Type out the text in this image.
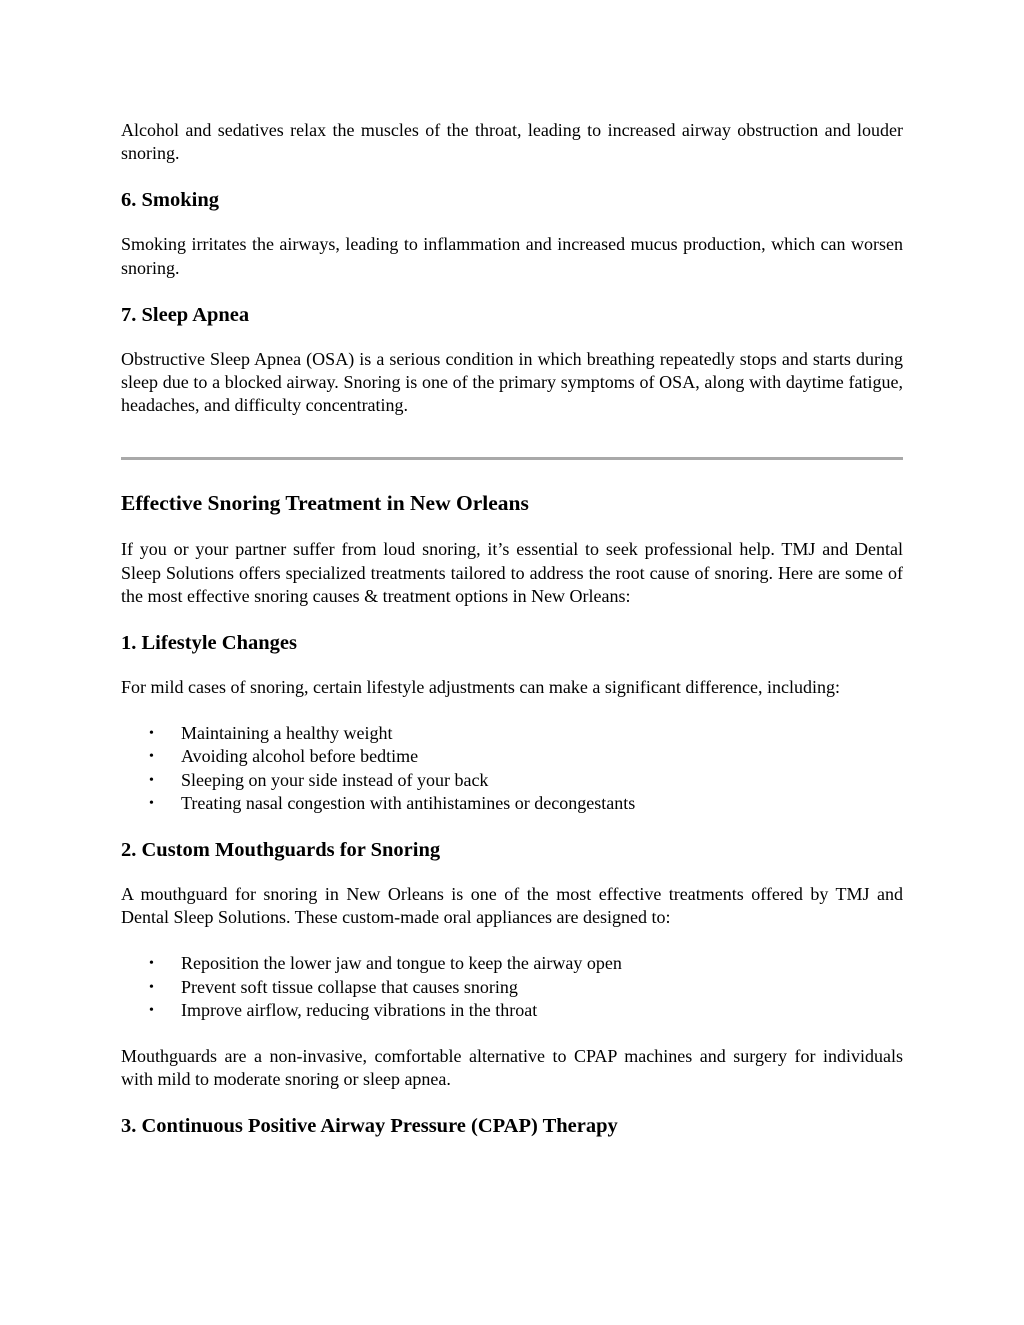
Alcohol and sedatives relax the muscles of the throat, leading to increased airway obstruction and louder snoring.

6. Smoking

Smoking irritates the airways, leading to inflammation and increased mucus production, which can worsen snoring.

7. Sleep Apnea

Obstructive Sleep Apnea (OSA) is a serious condition in which breathing repeatedly stops and starts during sleep due to a blocked airway. Snoring is one of the primary symptoms of OSA, along with daytime fatigue, headaches, and difficulty concentrating.

Effective Snoring Treatment in New Orleans

If you or your partner suffer from loud snoring, it’s essential to seek professional help. TMJ and Dental Sleep Solutions offers specialized treatments tailored to address the root cause of snoring. Here are some of the most effective snoring causes & treatment options in New Orleans:

1. Lifestyle Changes

For mild cases of snoring, certain lifestyle adjustments can make a significant difference, including:

• Maintaining a healthy weight
• Avoiding alcohol before bedtime
• Sleeping on your side instead of your back
• Treating nasal congestion with antihistamines or decongestants
2. Custom Mouthguards for Snoring

A mouthguard for snoring in New Orleans is one of the most effective treatments offered by TMJ and Dental Sleep Solutions. These custom-made oral appliances are designed to:

• Reposition the lower jaw and tongue to keep the airway open
• Prevent soft tissue collapse that causes snoring
• Improve airflow, reducing vibrations in the throat

Mouthguards are a non-invasive, comfortable alternative to CPAP machines and surgery for individuals with mild to moderate snoring or sleep apnea.

3. Continuous Positive Airway Pressure (CPAP) Therapy
